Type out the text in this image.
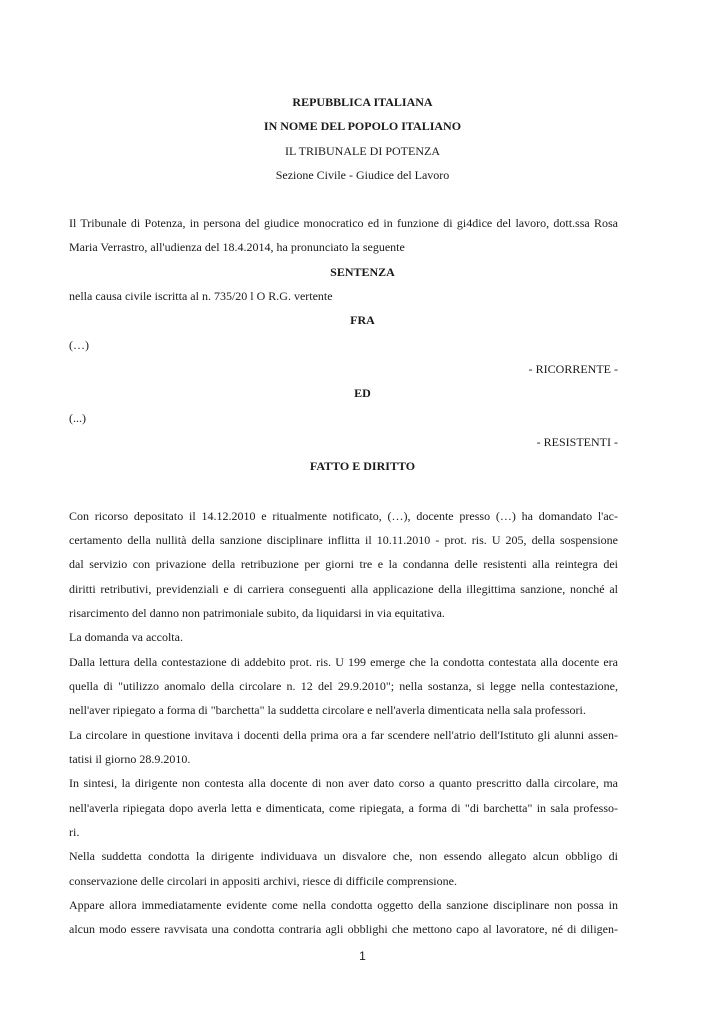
REPUBBLICA ITALIANA
IN NOME DEL POPOLO ITALIANO
IL TRIBUNALE DI POTENZA
Sezione Civile - Giudice del Lavoro
Il Tribunale di Potenza, in persona del giudice monocratico ed in funzione di gi4dice del lavoro, dott.ssa Rosa
Maria Verrastro, all'udienza del 18.4.2014, ha pronunciato la seguente
SENTENZA
nella causa civile iscritta al n. 735/20 l O R.G. vertente
FRA
(…)
- RICORRENTE -
ED
(...)
- RESISTENTI -
FATTO E DIRITTO
Con ricorso depositato il 14.12.2010 e ritualmente notificato, (…), docente presso (…) ha domandato l'ac-
certamento della nullità della sanzione disciplinare inflitta il 10.11.2010 - prot. ris. U 205, della sospensione
dal servizio con privazione della retribuzione per giorni tre e la condanna delle resistenti alla reintegra dei
diritti retributivi, previdenziali e di carriera conseguenti alla applicazione della illegittima sanzione, nonché al
risarcimento del danno non patrimoniale subito, da liquidarsi in via equitativa.
La domanda va accolta.
Dalla lettura della contestazione di addebito prot. ris. U 199 emerge che la condotta contestata alla docente era
quella di "utilizzo anomalo della circolare n. 12 del 29.9.2010"; nella sostanza, si legge nella contestazione,
nell'aver ripiegato a forma di "barchetta" la suddetta circolare e nell'averla dimenticata nella sala professori.
La circolare in questione invitava i docenti della prima ora a far scendere nell'atrio dell'Istituto gli alunni assen-
tatisi il giorno 28.9.2010.
In sintesi, la dirigente non contesta alla docente di non aver dato corso a quanto prescritto dalla circolare, ma
nell'averla ripiegata dopo averla letta e dimenticata, come ripiegata, a forma di "di barchetta" in sala professo-
ri.
Nella suddetta condotta la dirigente individuava un disvalore che, non essendo allegato alcun obbligo di
conservazione delle circolari in appositi archivi, riesce di difficile comprensione.
Appare allora immediatamente evidente come nella condotta oggetto della sanzione disciplinare non possa in
alcun modo essere ravvisata una condotta contraria agli obblighi che mettono capo al lavoratore, né di diligen-
1
